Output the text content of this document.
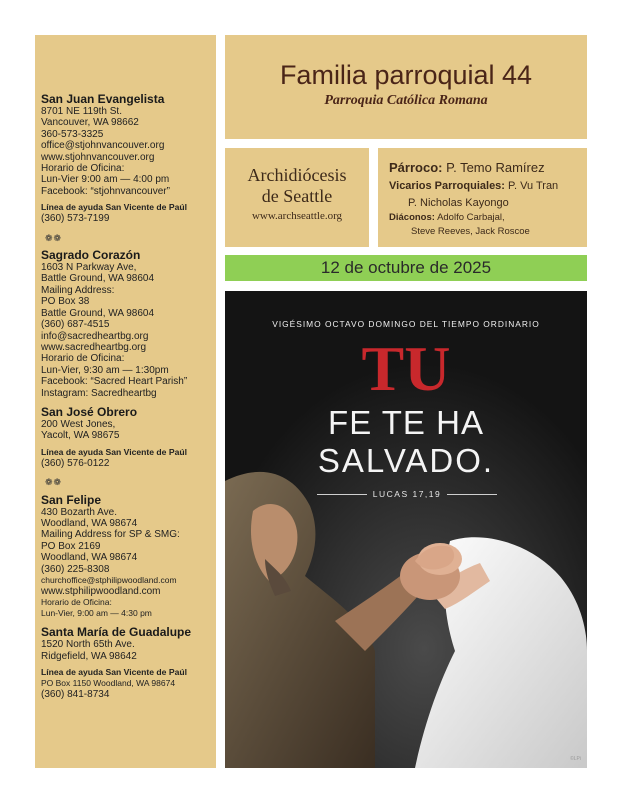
San Juan Evangelista
8701 NE 119th St.
Vancouver, WA 98662
360-573-3325
office@stjohnvancouver.org
www.stjohnvancouver.org
Horario de Oficina:
Lun-Vier 9:00 am — 4:00 pm
Facebook: “stjohnvancouver”
Línea de ayuda San Vicente de Paúl
(360) 573-7199
❁❁
Sagrado Corazón
1603 N Parkway Ave,
Battle Ground, WA 98604
Mailing Address:
PO Box 38
Battle Ground, WA 98604
(360) 687-4515
info@sacredheartbg.org
www.sacredheartbg.org
Horario de Oficina:
Lun-Vier, 9:30 am — 1:30pm
Facebook: “Sacred Heart Parish”
Instagram: Sacredheartbg
San José Obrero
200 West Jones,
Yacolt, WA 98675
Línea de ayuda San Vicente de Paúl
(360) 576-0122
❁❁
San Felipe
430 Bozarth Ave.
Woodland, WA 98674
Mailing Address for SP & SMG:
PO Box 2169
Woodland, WA 98674
(360) 225-8308
churchoffice@stphilipwoodland.com
www.stphilipwoodland.com
Horario de Oficina:
Lun-Vier, 9:00 am — 4:30 pm
Santa María de Guadalupe
1520 North 65th Ave.
Ridgefield, WA 98642
Línea de ayuda San Vicente de Paúl
PO Box 1150 Woodland, WA 98674
(360) 841-8734
Familia parroquial 44
Parroquia Católica Romana
Archidiócesis
de Seattle
www.archseattle.org
Párroco: P. Temo Ramírez
Vicarios Parroquiales: P. Vu Tran
P. Nicholas Kayongo
Diáconos: Adolfo Carbajal,
Steve Reeves, Jack Roscoe
12 de octubre de 2025
VIGÉSIMO OCTAVO DOMINGO DEL TIEMPO ORDINARIO
TU
FE TE HA
SALVADO.
LUCAS 17,19
©LPi
